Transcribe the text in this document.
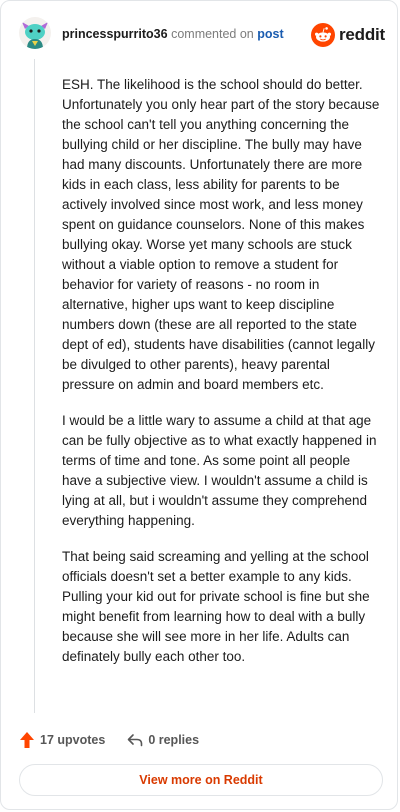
princesspurrito36 commented on post	reddit

ESH. The likelihood is the school should do better. Unfortunately you only hear part of the story because the school can't tell you anything concerning the bullying child or her discipline. The bully may have had many discounts. Unfortunately there are more kids in each class, less ability for parents to be actively involved since most work, and less money spent on guidance counselors. None of this makes bullying okay. Worse yet many schools are stuck without a viable option to remove a student for behavior for variety of reasons - no room in alternative, higher ups want to keep discipline numbers down (these are all reported to the state dept of ed), students have disabilities (cannot legally be divulged to other parents), heavy parental pressure on admin and board members etc.

I would be a little wary to assume a child at that age can be fully objective as to what exactly happened in terms of time and tone. As some point all people have a subjective view. I wouldn't assume a child is lying at all, but i wouldn't assume they comprehend everything happening.

That being said screaming and yelling at the school officials doesn't set a better example to any kids. Pulling your kid out for private school is fine but she might benefit from learning how to deal with a bully because she will see more in her life. Adults can definately bully each other too.

17 upvotes	0 replies
View more on Reddit
